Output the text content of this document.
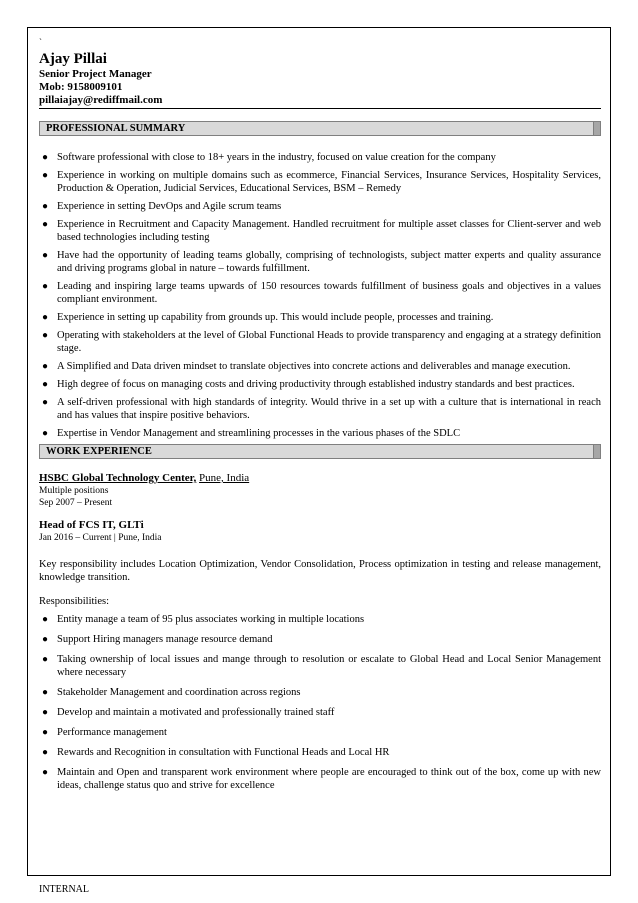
`
Ajay Pillai
Senior Project Manager
Mob: 9158009101
pillaiajay@rediffmail.com
PROFESSIONAL SUMMARY
● Software professional with close to 18+ years in the industry, focused on value creation for the company
● Experience in working on multiple domains such as ecommerce, Financial Services, Insurance Services, Hospitality Services, Production & Operation, Judicial Services, Educational Services, BSM – Remedy
● Experience in setting DevOps and Agile scrum teams
● Experience in Recruitment and Capacity Management. Handled recruitment for multiple asset classes for Client-server and web based technologies including testing
● Have had the opportunity of leading teams globally, comprising of technologists, subject matter experts and quality assurance and driving programs global in nature – towards fulfillment.
● Leading and inspiring large teams upwards of 150 resources towards fulfillment of business goals and objectives in a values compliant environment.
● Experience in setting up capability from grounds up. This would include people, processes and training.
● Operating with stakeholders at the level of Global Functional Heads to provide transparency and engaging at a strategy definition stage.
● A Simplified and Data driven mindset to translate objectives into concrete actions and deliverables and manage execution.
● High degree of focus on managing costs and driving productivity through established industry standards and best practices.
● A self-driven professional with high standards of integrity. Would thrive in a set up with a culture that is international in reach and has values that inspire positive behaviors.
● Expertise in Vendor Management and streamlining processes in the various phases of the SDLC
WORK EXPERIENCE
HSBC Global Technology Center, Pune, India
Multiple positions
Sep 2007 – Present
Head of FCS IT, GLTi
Jan 2016 – Current | Pune, India
Key responsibility includes Location Optimization, Vendor Consolidation, Process optimization in testing and release management, knowledge transition.
Responsibilities:
● Entity manage a team of 95 plus associates working in multiple locations
● Support Hiring managers manage resource demand
● Taking ownership of local issues and mange through to resolution or escalate to Global Head and Local Senior Management where necessary
● Stakeholder Management and coordination across regions
● Develop and maintain a motivated and professionally trained staff
● Performance management
● Rewards and Recognition in consultation with Functional Heads and Local HR
● Maintain and Open and transparent work environment where people are encouraged to think out of the box, come up with new ideas, challenge status quo and strive for excellence
INTERNAL
